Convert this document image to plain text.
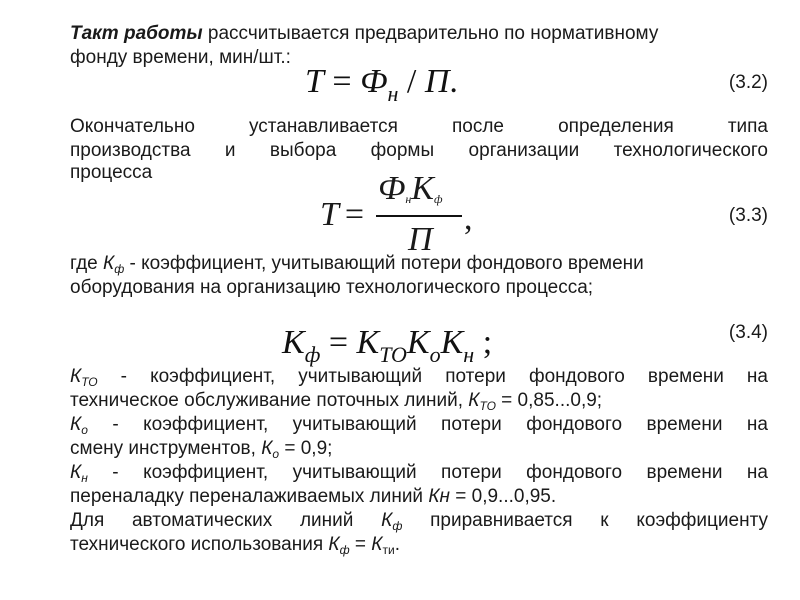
Такт работы рассчитывается предварительно по нормативному
фонду времени, мин/шт.:
$T = Ф_н / П$.	(3.2)
Окончательно устанавливается после определения типа
производства и выбора формы организации технологического
процесса
T =
$Ф_нK_ф$
П
,	(3.3)
где $К_ф$ - коэффициент, учитывающий потери фондового времени
оборудования на организацию технологического процесса;
$K_ф = K_{TO}K_oK_н$ ;	(3.4)
$К_{ТО}$ - коэффициент, учитывающий потери фондового времени на
техническое обслуживание поточных линий, $К_{ТО} = 0,85...0,9$;
$К_о$ - коэффициент, учитывающий потери фондового времени на
смену инструментов, $К_о = 0,9$;
$К_н$ - коэффициент, учитывающий потери фондового времени на
переналадку переналаживаемых линий Кн = 0,9...0,95.
Для автоматических линий $К_ф$ приравнивается к коэффициенту
технического использования $К_ф = К_{ти}$.
